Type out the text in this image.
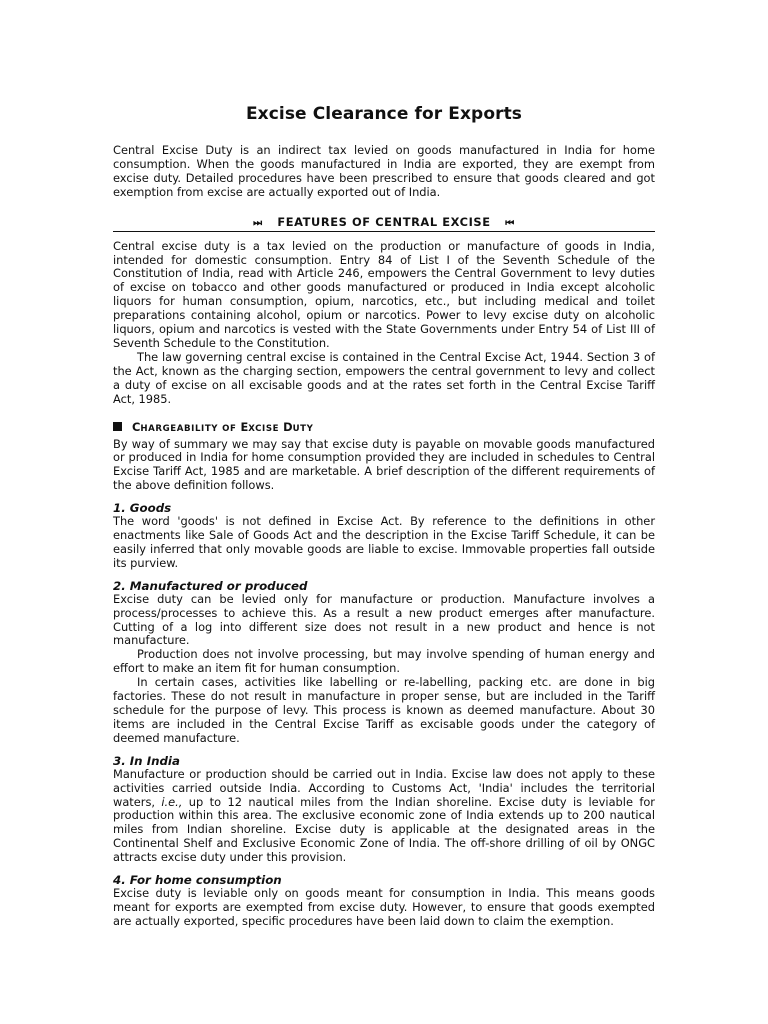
Excise Clearance for Exports

Central Excise Duty is an indirect tax levied on goods manufactured in India for home consumption. When the goods manufactured in India are exported, they are exempt from excise duty. Detailed procedures have been prescribed to ensure that goods cleared and got exemption from excise are actually exported out of India.

⏭ FEATURES OF CENTRAL EXCISE ⏮

Central excise duty is a tax levied on the production or manufacture of goods in India, intended for domestic consumption. Entry 84 of List I of the Seventh Schedule of the Constitution of India, read with Article 246, empowers the Central Government to levy duties of excise on tobacco and other goods manufactured or produced in India except alcoholic liquors for human consumption, opium, narcotics, etc., but including medical and toilet preparations containing alcohol, opium or narcotics. Power to levy excise duty on alcoholic liquors, opium and narcotics is vested with the State Governments under Entry 54 of List III of Seventh Schedule to the Constitution.

The law governing central excise is contained in the Central Excise Act, 1944. Section 3 of the Act, known as the charging section, empowers the central government to levy and collect a duty of excise on all excisable goods and at the rates set forth in the Central Excise Tariff Act, 1985.

CHARGEABILITY OF EXCISE DUTY

By way of summary we may say that excise duty is payable on movable goods manufactured or produced in India for home consumption provided they are included in schedules to Central Excise Tariff Act, 1985 and are marketable. A brief description of the different requirements of the above definition follows.

1. Goods

The word 'goods' is not defined in Excise Act. By reference to the definitions in other enactments like Sale of Goods Act and the description in the Excise Tariff Schedule, it can be easily inferred that only movable goods are liable to excise. Immovable properties fall outside its purview.

2. Manufactured or produced

Excise duty can be levied only for manufacture or production. Manufacture involves a process/processes to achieve this. As a result a new product emerges after manufacture. Cutting of a log into different size does not result in a new product and hence is not manufacture.

Production does not involve processing, but may involve spending of human energy and effort to make an item fit for human consumption.

In certain cases, activities like labelling or re-labelling, packing etc. are done in big factories. These do not result in manufacture in proper sense, but are included in the Tariff schedule for the purpose of levy. This process is known as deemed manufacture. About 30 items are included in the Central Excise Tariff as excisable goods under the category of deemed manufacture.

3. In India

Manufacture or production should be carried out in India. Excise law does not apply to these activities carried outside India. According to Customs Act, 'India' includes the territorial waters, i.e., up to 12 nautical miles from the Indian shoreline. Excise duty is leviable for production within this area. The exclusive economic zone of India extends up to 200 nautical miles from Indian shoreline. Excise duty is applicable at the designated areas in the Continental Shelf and Exclusive Economic Zone of India. The off-shore drilling of oil by ONGC attracts excise duty under this provision.

4. For home consumption

Excise duty is leviable only on goods meant for consumption in India. This means goods meant for exports are exempted from excise duty. However, to ensure that goods exempted are actually exported, specific procedures have been laid down to claim the exemption.
